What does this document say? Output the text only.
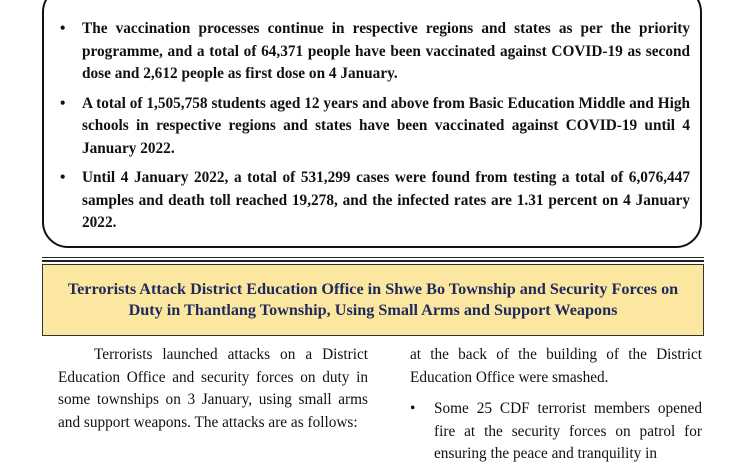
• The vaccination processes continue in respective regions and states as per the priority programme, and a total of 64,371 people have been vaccinated against COVID-19 as second dose and 2,612 people as first dose on 4 January.
• A total of 1,505,758 students aged 12 years and above from Basic Education Middle and High schools in respective regions and states have been vaccinated against COVID-19 until 4 January 2022.
• Until 4 January 2022, a total of 531,299 cases were found from testing a total of 6,076,447 samples and death toll reached 19,278, and the infected rates are 1.31 percent on 4 January 2022.
Terrorists Attack District Education Office in Shwe Bo Township and Security Forces on Duty in Thantlang Township, Using Small Arms and Support Weapons

Terrorists launched attacks on a District Education Office and security forces on duty in some townships on 3 January, using small arms and support weapons. The attacks are as follows:

at the back of the building of the District Education Office were smashed.

• Some 25 CDF terrorist members opened fire at the security forces on patrol for ensuring the peace and tranquility in
